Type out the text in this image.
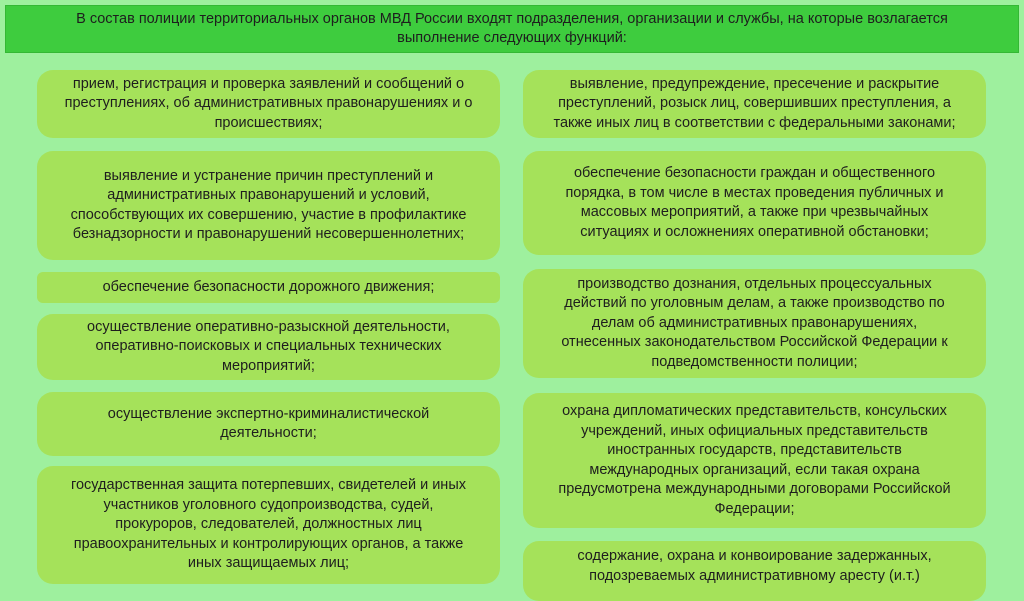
В состав полиции территориальных органов МВД России входят подразделения, организации и службы, на которые возлагается
выполнение следующих функций:
прием, регистрация и проверка заявлений и сообщений о
преступлениях, об административных правонарушениях и о
происшествиях;
выявление и устранение причин преступлений и
административных правонарушений и условий,
способствующих их совершению, участие в профилактике
безнадзорности и правонарушений несовершеннолетних;
обеспечение безопасности дорожного движения;
осуществление оперативно-разыскной деятельности,
оперативно-поисковых и специальных технических
мероприятий;
осуществление экспертно-криминалистической
деятельности;
государственная защита потерпевших, свидетелей и иных
участников уголовного судопроизводства, судей,
прокуроров, следователей, должностных лиц
правоохранительных и контролирующих органов, а также
иных защищаемых лиц;
выявление, предупреждение, пресечение и раскрытие
преступлений, розыск лиц, совершивших преступления, а
также иных лиц в соответствии с федеральными законами;
обеспечение безопасности граждан и общественного
порядка, в том числе в местах проведения публичных и
массовых мероприятий, а также при чрезвычайных
ситуациях и осложнениях оперативной обстановки;
производство дознания, отдельных процессуальных
действий по уголовным делам, а также производство по
делам об административных правонарушениях,
отнесенных законодательством Российской Федерации к
подведомственности полиции;
охрана дипломатических представительств, консульских
учреждений, иных официальных представительств
иностранных государств, представительств
международных организаций, если такая охрана
предусмотрена международными договорами Российской
Федерации;
содержание, охрана и конвоирование задержанных,
подозреваемых административному аресту (и.т.)
